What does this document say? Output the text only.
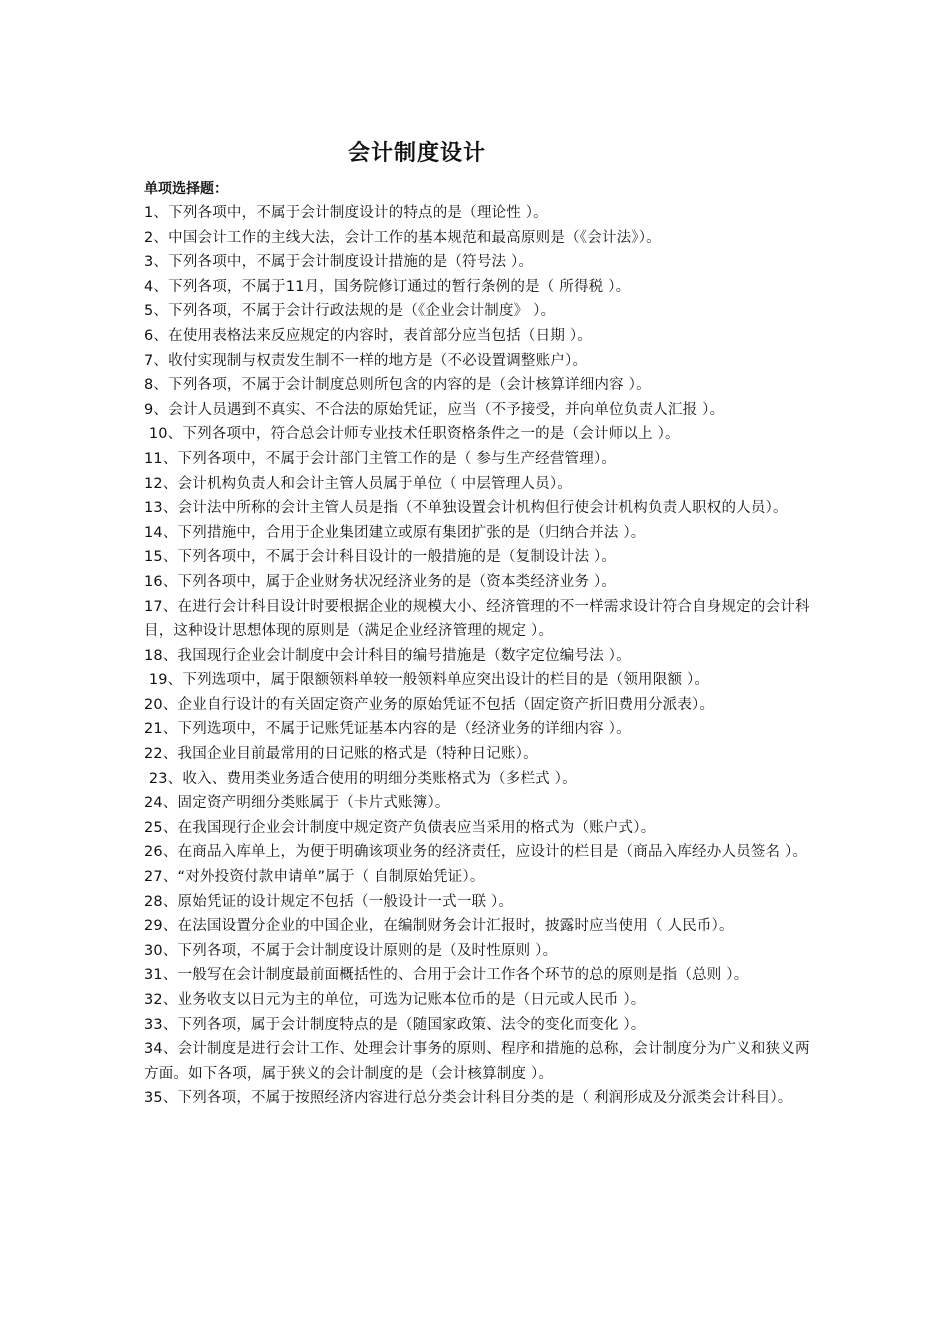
会计制度设计
单项选择题：
1、下列各项中，不属于会计制度设计的特点的是（理论性 ）。
2、中国会计工作的主线大法，会计工作的基本规范和最高原则是（《会计法》）。
3、下列各项中，不属于会计制度设计措施的是（符号法 ）。
4、下列各项，不属于11月，国务院修订通过的暂行条例的是（ 所得税 ）。
5、下列各项，不属于会计行政法规的是（《企业会计制度》 ）。
6、在使用表格法来反应规定的内容时，表首部分应当包括（日期 ）。
7、收付实现制与权责发生制不一样的地方是（不必设置调整账户）。
8、下列各项，不属于会计制度总则所包含的内容的是（会计核算详细内容 ）。
9、会计人员遇到不真实、不合法的原始凭证，应当（不予接受，并向单位负责人汇报 ）。
10、下列各项中，符合总会计师专业技术任职资格条件之一的是（会计师以上 ）。
11、下列各项中，不属于会计部门主管工作的是（ 参与生产经营管理）。
12、会计机构负责人和会计主管人员属于单位（ 中层管理人员）。
13、会计法中所称的会计主管人员是指（不单独设置会计机构但行使会计机构负责人职权的人员）。
14、下列措施中，合用于企业集团建立或原有集团扩张的是（归纳合并法 ）。
15、下列各项中，不属于会计科目设计的一般措施的是（复制设计法 ）。
16、下列各项中，属于企业财务状况经济业务的是（资本类经济业务 ）。
17、在进行会计科目设计时要根据企业的规模大小、经济管理的不一样需求设计符合自身规定的会计科目，这种设计思想体现的原则是（满足企业经济管理的规定 ）。
18、我国现行企业会计制度中会计科目的编号措施是（数字定位编号法 ）。
19、下列选项中，属于限额领料单较一般领料单应突出设计的栏目的是（领用限额 ）。
20、企业自行设计的有关固定资产业务的原始凭证不包括（固定资产折旧费用分派表）。
21、下列选项中，不属于记账凭证基本内容的是（经济业务的详细内容 ）。
22、我国企业目前最常用的日记账的格式是（特种日记账）。
23、收入、费用类业务适合使用的明细分类账格式为（多栏式 ）。
24、固定资产明细分类账属于（卡片式账簿）。
25、在我国现行企业会计制度中规定资产负债表应当采用的格式为（账户式）。
26、在商品入库单上，为便于明确该项业务的经济责任，应设计的栏目是（商品入库经办人员签名 ）。
27、“对外投资付款申请单”属于（ 自制原始凭证）。
28、原始凭证的设计规定不包括（一般设计一式一联 ）。
29、在法国设置分企业的中国企业，在编制财务会计汇报时，披露时应当使用（ 人民币）。
30、下列各项，不属于会计制度设计原则的是（及时性原则 ）。
31、一般写在会计制度最前面概括性的、合用于会计工作各个环节的总的原则是指（总则 ）。
32、业务收支以日元为主的单位，可选为记账本位币的是（日元或人民币 ）。
33、下列各项，属于会计制度特点的是（随国家政策、法令的变化而变化 ）。
34、会计制度是进行会计工作、处理会计事务的原则、程序和措施的总称，会计制度分为广义和狭义两方面。如下各项，属于狭义的会计制度的是（会计核算制度 ）。
35、下列各项，不属于按照经济内容进行总分类会计科目分类的是（ 利润形成及分派类会计科目）。
